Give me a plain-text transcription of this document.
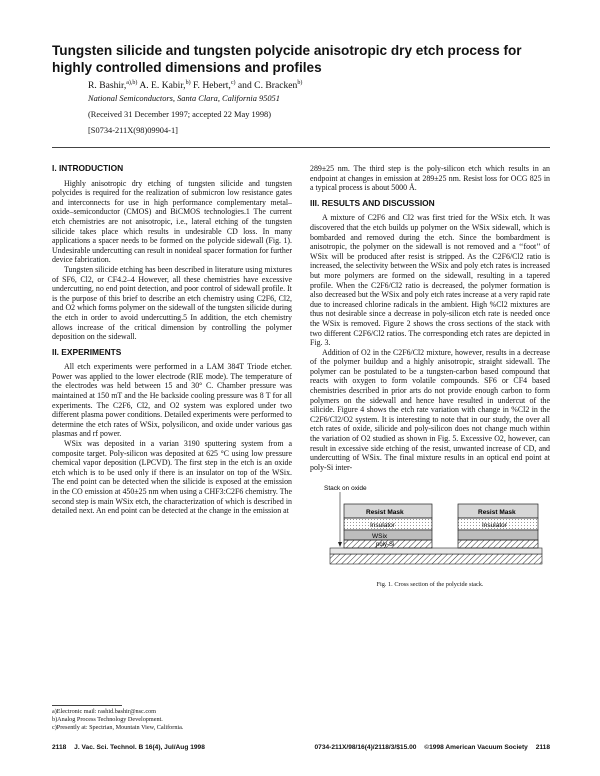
Tungsten silicide and tungsten polycide anisotropic dry etch process for highly controlled dimensions and profiles
R. Bashir,$^{a),b)}$ A. E. Kabir,$^{b)}$ F. Hebert,$^{c)}$ and C. Bracken$^{b)}$
National Semiconductors, Santa Clara, California 95051
(Received 31 December 1997; accepted 22 May 1998)
[S0734-211X(98)09904-1]
I. INTRODUCTION

Highly anisotropic dry etching of tungsten silicide and tungsten polycides is required for the realization of submicron low resistance gates and interconnects for use in high performance complementary metal–oxide–semiconductor (CMOS) and BiCMOS technologies.1 The current etch chemistries are not anisotropic, i.e., lateral etching of the tungsten silicide takes place which results in undesirable CD loss. In many applications a spacer needs to be formed on the polycide sidewall (Fig. 1). Undesirable undercutting can result in nonideal spacer formation for further device fabrication.

Tungsten silicide etching has been described in literature using mixtures of SF6, Cl2, or CF4.2–4 However, all these chemistries have excessive undercutting, no end point detection, and poor control of sidewall profile. It is the purpose of this brief to describe an etch chemistry using C2F6, Cl2, and O2 which forms polymer on the sidewall of the tungsten silicide during the etch in order to avoid undercutting.5 In addition, the etch chemistry allows increase of the critical dimension by controlling the polymer deposition on the sidewall.

II. EXPERIMENTS

All etch experiments were performed in a LAM 384T Triode etcher. Power was applied to the lower electrode (RIE mode). The temperature of the electrodes was held between 15 and 30° C. Chamber pressure was maintained at 150 mT and the He backside cooling pressure was 8 T for all experiments. The C2F6, Cl2, and O2 system was explored under two different plasma power conditions. Detailed experiments were performed to determine the etch rates of WSix, polysilicon, and oxide under various gas plasmas and rf power.

WSix was deposited in a varian 3190 sputtering system from a composite target. Poly-silicon was deposited at 625 °C using low pressure chemical vapor deposition (LPCVD). The first step in the etch is an oxide etch which is to be used only if there is an insulator on top of the WSix. The end point can be detected when the silicide is exposed at the emission in the CO emission at 450±25 nm when using a CHF3:C2F6 chemistry. The second step is main WSix etch, the characterization of which is described in detailed next. An end point can be detected at the change in the emission at

289±25 nm. The third step is the poly-silicon etch which results in an endpoint at changes in emission at 289±25 nm. Resist loss for OCG 825 in a typical process is about 5000 Å.

III. RESULTS AND DISCUSSION

A mixture of C2F6 and Cl2 was first tried for the WSix etch. It was discovered that the etch builds up polymer on the WSix sidewall, which is bombarded and removed during the etch. Since the bombardment is anisotropic, the polymer on the sidewall is not removed and a ‘‘foot’’ of WSix will be produced after resist is stripped. As the C2F6/Cl2 ratio is increased, the selectivity between the WSix and poly etch rates is increased but more polymers are formed on the sidewall, resulting in a tapered profile. When the C2F6/Cl2 ratio is decreased, the polymer formation is also decreased but the WSix and poly etch rates increase at a very rapid rate due to increased chlorine radicals in the ambient. High %Cl2 mixtures are thus not desirable since a decrease in poly-silicon etch rate is needed once the WSix is removed. Figure 2 shows the cross sections of the stack with two different C2F6/Cl2 ratios. The corresponding etch rates are depicted in Fig. 3.

Addition of O2 in the C2F6/Cl2 mixture, however, results in a decrease of the polymer buildup and a highly anisotropic, straight sidewall. The polymer can be postulated to be a tungsten-carbon based compound that reacts with oxygen to form volatile compounds. SF6 or CF4 based chemistries described in prior arts do not provide enough carbon to form polymers on the sidewall and hence have resulted in undercut of the silicide. Figure 4 shows the etch rate variation with change in %Cl2 in the C2F6/Cl2/O2 system. It is interesting to note that in our study, the over all etch rates of oxide, silicide and poly-silicon does not change much within the variation of O2 studied as shown in Fig. 5. Excessive O2, however, can result in excessive side etching of the resist, unwanted increase of CD, and undercutting of WSix. The final mixture results in an optical end point at poly-Si inter-

Stack on oxide
Resist Mask	Resist Mask
Insulator	Insulator
WSix
poly-Si
Fig. 1. Cross section of the polycide stack.
a)Electronic mail: rashid.bashir@nsc.com
b)Analog Process Technology Development.
c)Presently at: Spectrian, Mountain View, California.
2118 J. Vac. Sci. Technol. B 16(4), Jul/Aug 1998	0734-211X/98/16(4)/2118/3/$15.00 ©1998 American Vacuum Society 2118
